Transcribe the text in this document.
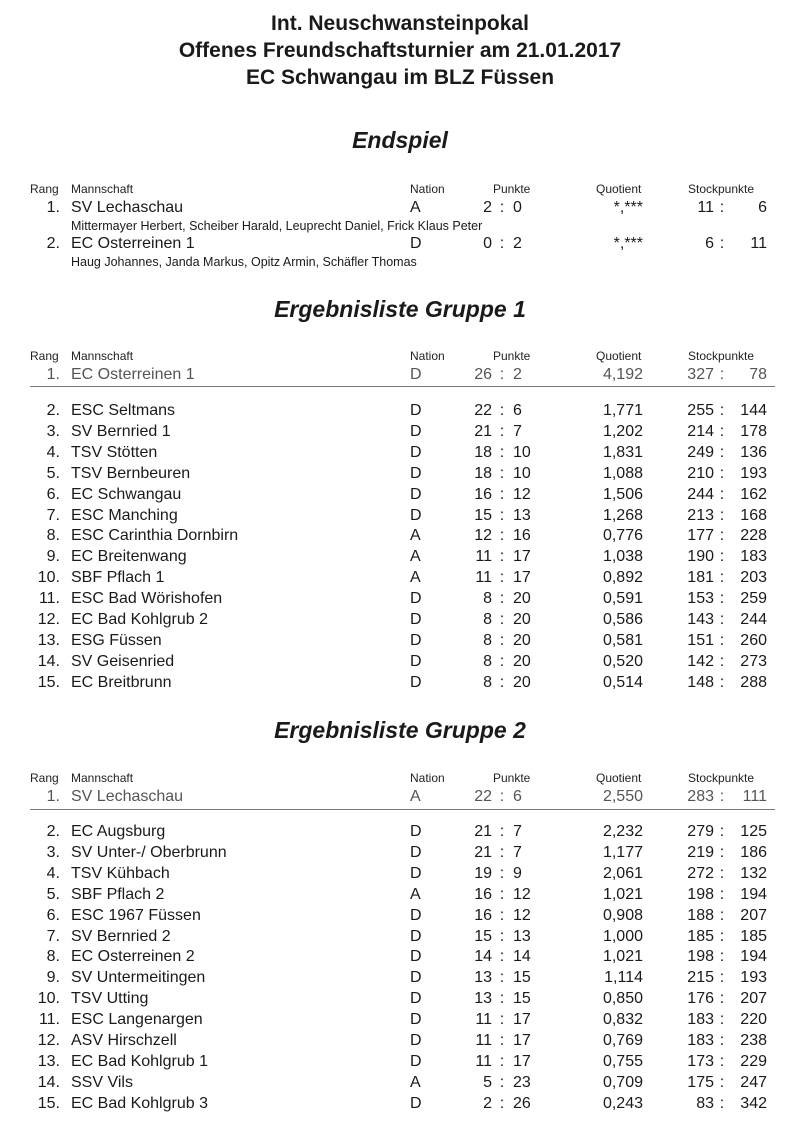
Int. Neuschwansteinpokal
Offenes Freundschaftsturnier am 21.01.2017
EC Schwangau im BLZ Füssen
Endspiel
Rang Mannschaft	Nation	Punkte	Quotient	Stockpunkte
1. SV Lechaschau	A	2 : 0	*,***	11 :	6
Mittermayer Herbert, Scheiber Harald, Leuprecht Daniel, Frick Klaus Peter
2. EC Osterreinen 1	D	0 : 2	*,***	6 :	11
Haug Johannes, Janda Markus, Opitz Armin, Schäfler Thomas
Ergebnisliste Gruppe 1
Rang Mannschaft	Nation	Punkte	Quotient	Stockpunkte
1. EC Osterreinen 1	D	26 : 2	4,192	327 :	78
2. ESC Seltmans	D	22 : 6	1,771	255 :	144
3. SV Bernried 1	D	21 : 7	1,202	214 :	178
4. TSV Stötten	D	18 : 10	1,831	249 :	136
5. TSV Bernbeuren	D	18 : 10	1,088	210 :	193
6. EC Schwangau	D	16 : 12	1,506	244 :	162
7. ESC Manching	D	15 : 13	1,268	213 :	168
8. ESC Carinthia Dornbirn	A	12 : 16	0,776	177 :	228
9. EC Breitenwang	A	11 : 17	1,038	190 :	183
10. SBF Pflach 1	A	11 : 17	0,892	181 :	203
11. ESC Bad Wörishofen	D	8 : 20	0,591	153 :	259
12. EC Bad Kohlgrub 2	D	8 : 20	0,586	143 :	244
13. ESG Füssen	D	8 : 20	0,581	151 :	260
14. SV Geisenried	D	8 : 20	0,520	142 :	273
15. EC Breitbrunn	D	8 : 20	0,514	148 :	288
Ergebnisliste Gruppe 2
Rang Mannschaft	Nation	Punkte	Quotient	Stockpunkte
1. SV Lechaschau	A	22 : 6	2,550	283 :	111
2. EC Augsburg	D	21 : 7	2,232	279 :	125
3. SV Unter-/ Oberbrunn	D	21 : 7	1,177	219 :	186
4. TSV Kühbach	D	19 : 9	2,061	272 :	132
5. SBF Pflach 2	A	16 : 12	1,021	198 :	194
6. ESC 1967 Füssen	D	16 : 12	0,908	188 :	207
7. SV Bernried 2	D	15 : 13	1,000	185 :	185
8. EC Osterreinen 2	D	14 : 14	1,021	198 :	194
9. SV Untermeitingen	D	13 : 15	1,114	215 :	193
10. TSV Utting	D	13 : 15	0,850	176 :	207
11. ESC Langenargen	D	11 : 17	0,832	183 :	220
12. ASV Hirschzell	D	11 : 17	0,769	183 :	238
13. EC Bad Kohlgrub 1	D	11 : 17	0,755	173 :	229
14. SSV Vils	A	5 : 23	0,709	175 :	247
15. EC Bad Kohlgrub 3	D	2 : 26	0,243	83 :	342
